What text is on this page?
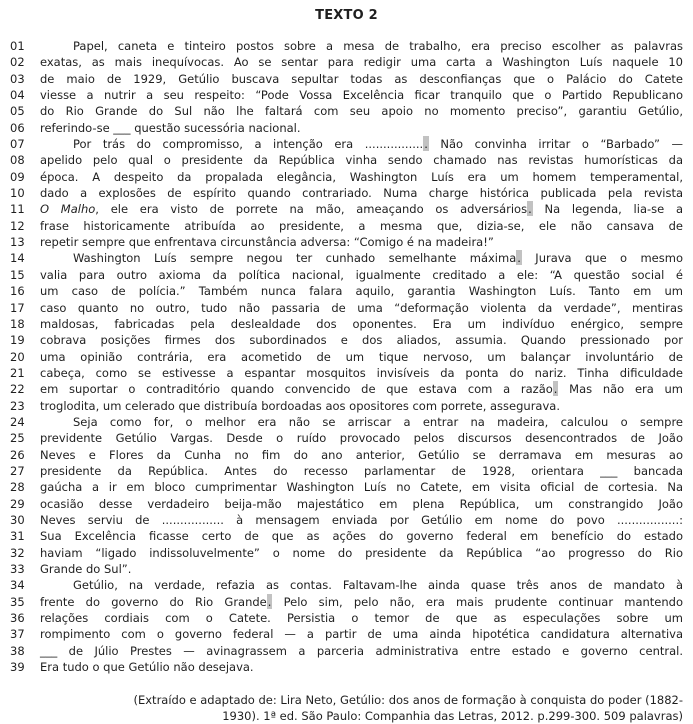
TEXTO 2
01	Papel, caneta e tinteiro postos sobre a mesa de trabalho, era preciso escolher as palavras
02	exatas, as mais inequívocas. Ao se sentar para redigir uma carta a Washington Luís naquele 10
03	de maio de 1929, Getúlio buscava sepultar todas as desconfianças que o Palácio do Catete
04	viesse a nutrir a seu respeito: “Pode Vossa Excelência ficar tranquilo que o Partido Republicano
05	do Rio Grande do Sul não lhe faltará com seu apoio no momento preciso”, garantiu Getúlio,
06	referindo-se ___ questão sucessória nacional.
07	Por trás do compromisso, a intenção era ................. Não convinha irritar o “Barbado” —
08	apelido pelo qual o presidente da República vinha sendo chamado nas revistas humorísticas da
09	época. A despeito da propalada elegância, Washington Luís era um homem temperamental,
10	dado a explosões de espírito quando contrariado. Numa charge histórica publicada pela revista
11	O Malho, ele era visto de porrete na mão, ameaçando os adversários. Na legenda, lia-se a
12	frase historicamente atribuída ao presidente, a mesma que, dizia-se, ele não cansava de
13	repetir sempre que enfrentava circunstância adversa: “Comigo é na madeira!”
14	Washington Luís sempre negou ter cunhado semelhante máxima. Jurava que o mesmo
15	valia para outro axioma da política nacional, igualmente creditado a ele: “A questão social é
16	um caso de polícia.” Também nunca falara aquilo, garantia Washington Luís. Tanto em um
17	caso quanto no outro, tudo não passaria de uma “deformação violenta da verdade”, mentiras
18	maldosas, fabricadas pela deslealdade dos oponentes. Era um indivíduo enérgico, sempre
19	cobrava posições firmes dos subordinados e dos aliados, assumia. Quando pressionado por
20	uma opinião contrária, era acometido de um tique nervoso, um balançar involuntário de
21	cabeça, como se estivesse a espantar mosquitos invisíveis da ponta do nariz. Tinha dificuldade
22	em suportar o contraditório quando convencido de que estava com a razão. Mas não era um
23	troglodita, um celerado que distribuía bordoadas aos opositores com porrete, assegurava.
24	Seja como for, o melhor era não se arriscar a entrar na madeira, calculou o sempre
25	previdente Getúlio Vargas. Desde o ruído provocado pelos discursos desencontrados de João
26	Neves e Flores da Cunha no fim do ano anterior, Getúlio se derramava em mesuras ao
27	presidente da República. Antes do recesso parlamentar de 1928, orientara ___ bancada
28	gaúcha a ir em bloco cumprimentar Washington Luís no Catete, em visita oficial de cortesia. Na
29	ocasião desse verdadeiro beija-mão majestático em plena República, um constrangido João
30	Neves serviu de ................. à mensagem enviada por Getúlio em nome do povo .................:
31	Sua Excelência ficasse certo de que as ações do governo federal em benefício do estado
32	haviam “ligado indissoluvelmente” o nome do presidente da República “ao progresso do Rio
33	Grande do Sul”.
34	Getúlio, na verdade, refazia as contas. Faltavam-lhe ainda quase três anos de mandato à
35	frente do governo do Rio Grande. Pelo sim, pelo não, era mais prudente continuar mantendo
36	relações cordiais com o Catete. Persistia o temor de que as especulações sobre um
37	rompimento com o governo federal — a partir de uma ainda hipotética candidatura alternativa
38	___ de Júlio Prestes — avinagrassem a parceria administrativa entre estado e governo central.
39	Era tudo o que Getúlio não desejava.
(Extraído e adaptado de: Lira Neto, Getúlio: dos anos de formação à conquista do poder (1882-
1930). 1ª ed. São Paulo: Companhia das Letras, 2012. p.299-300. 509 palavras)
